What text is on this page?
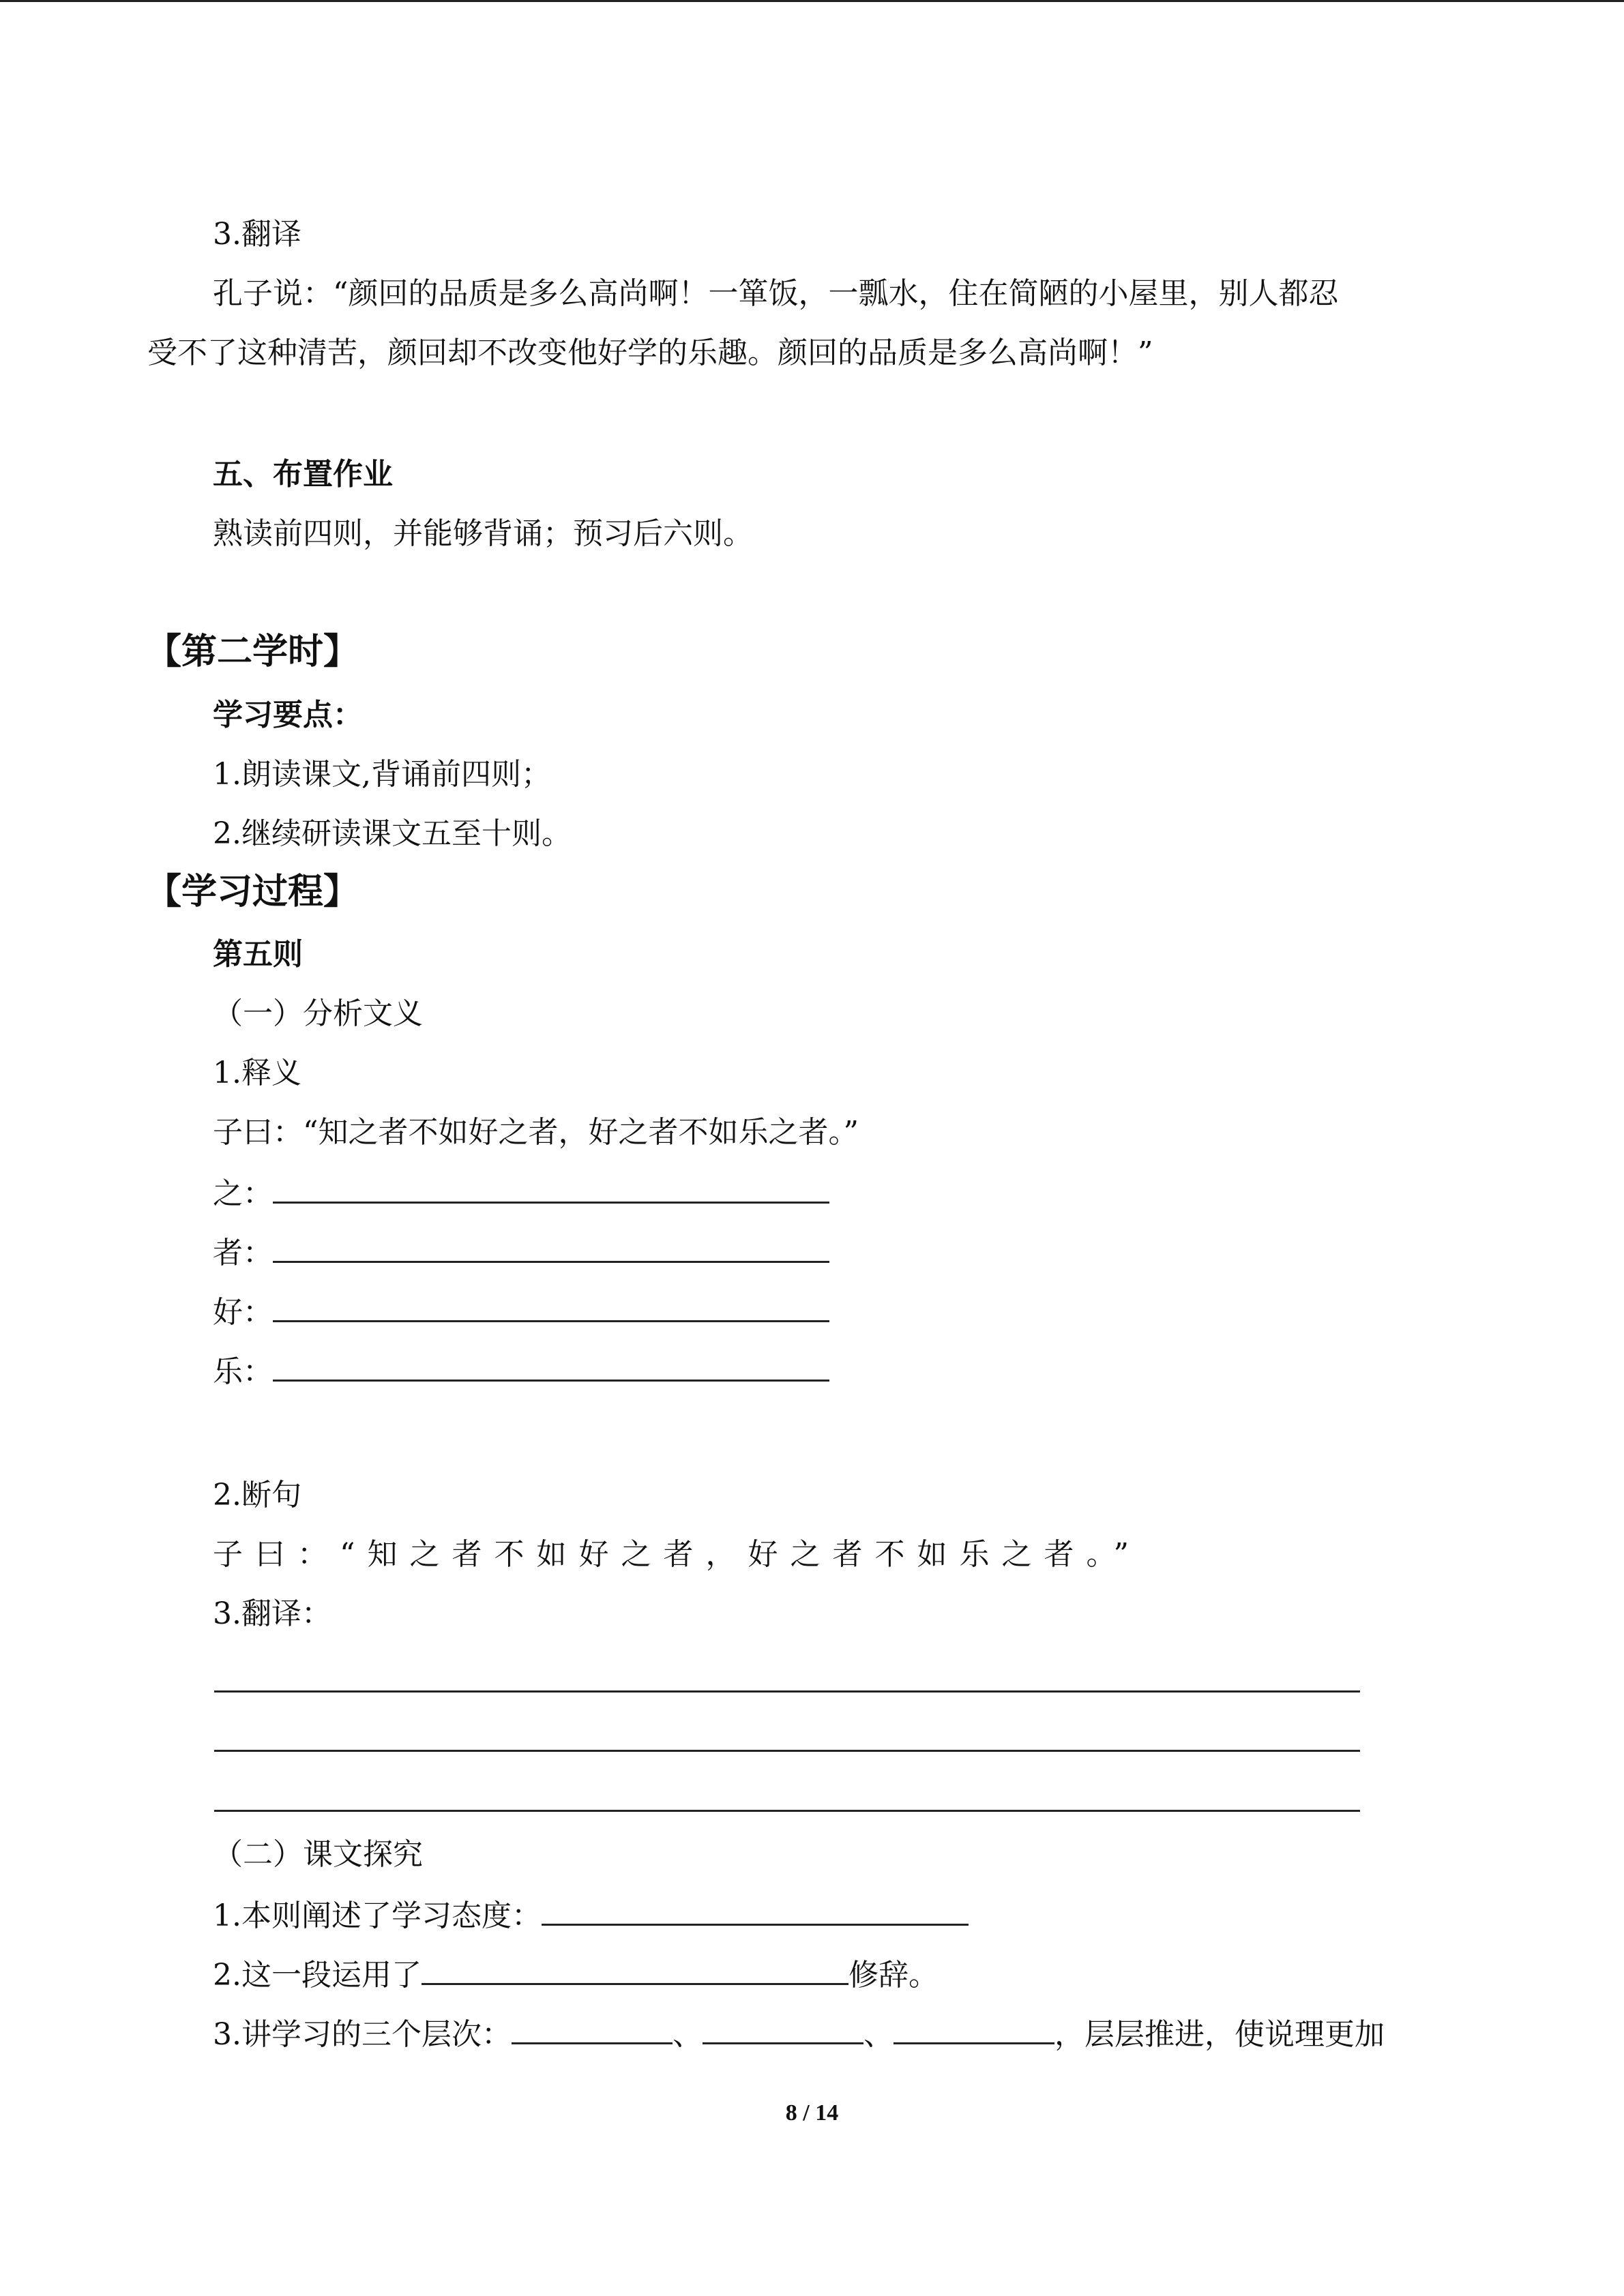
3.翻译
孔子说：“颜回的品质是多么高尚啊！一箪饭，一瓢水，住在简陋的小屋里，别人都忍
受不了这种清苦，颜回却不改变他好学的乐趣。颜回的品质是多么高尚啊！”
五、布置作业
熟读前四则，并能够背诵；预习后六则。
【第二学时】
学习要点：
1.朗读课文,背诵前四则；
2.继续研读课文五至十则。
【学习过程】
第五则
（一）分析文义
1.释义
子曰：“知之者不如好之者，好之者不如乐之者。”
之：
者：
好：
乐：
2.断句
子曰：“知之者不如好之者，好之者不如乐之者。”
3.翻译：
（二）课文探究
1.本则阐述了学习态度：
2.这一段运用了	修辞。
3.讲学习的三个层次：	、	、	，层层推进，使说理更加
8 / 14
